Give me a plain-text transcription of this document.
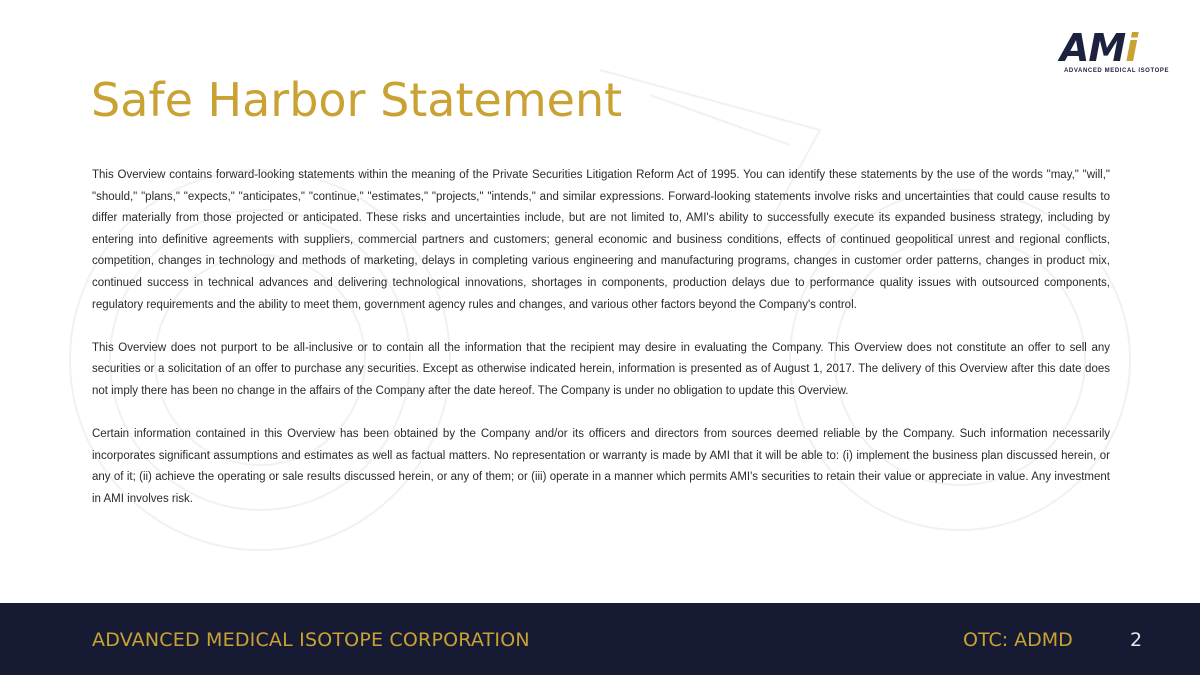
AMi
ADVANCED MEDICAL ISOTOPE
Safe Harbor Statement

This Overview contains forward-looking statements within the meaning of the Private Securities Litigation Reform Act of 1995. You can identify these statements by the use of the words "may," "will," "should," "plans," "expects," "anticipates," "continue," "estimates," "projects," "intends," and similar expressions. Forward-looking statements involve risks and uncertainties that could cause results to differ materially from those projected or anticipated. These risks and uncertainties include, but are not limited to, AMI's ability to successfully execute its expanded business strategy, including by entering into definitive agreements with suppliers, commercial partners and customers; general economic and business conditions, effects of continued geopolitical unrest and regional conflicts, competition, changes in technology and methods of marketing, delays in completing various engineering and manufacturing programs, changes in customer order patterns, changes in product mix, continued success in technical advances and delivering technological innovations, shortages in components, production delays due to performance quality issues with outsourced components, regulatory requirements and the ability to meet them, government agency rules and changes, and various other factors beyond the Company's control.

This Overview does not purport to be all-inclusive or to contain all the information that the recipient may desire in evaluating the Company. This Overview does not constitute an offer to sell any securities or a solicitation of an offer to purchase any securities. Except as otherwise indicated herein, information is presented as of August 1, 2017. The delivery of this Overview after this date does not imply there has been no change in the affairs of the Company after the date hereof. The Company is under no obligation to update this Overview.

Certain information contained in this Overview has been obtained by the Company and/or its officers and directors from sources deemed reliable by the Company. Such information necessarily incorporates significant assumptions and estimates as well as factual matters. No representation or warranty is made by AMI that it will be able to: (i) implement the business plan discussed herein, or any of it; (ii) achieve the operating or sale results discussed herein, or any of them; or (iii) operate in a manner which permits AMI's securities to retain their value or appreciate in value. Any investment in AMI involves risk.

ADVANCED MEDICAL ISOTOPE CORPORATION	OTC: ADMD	2
